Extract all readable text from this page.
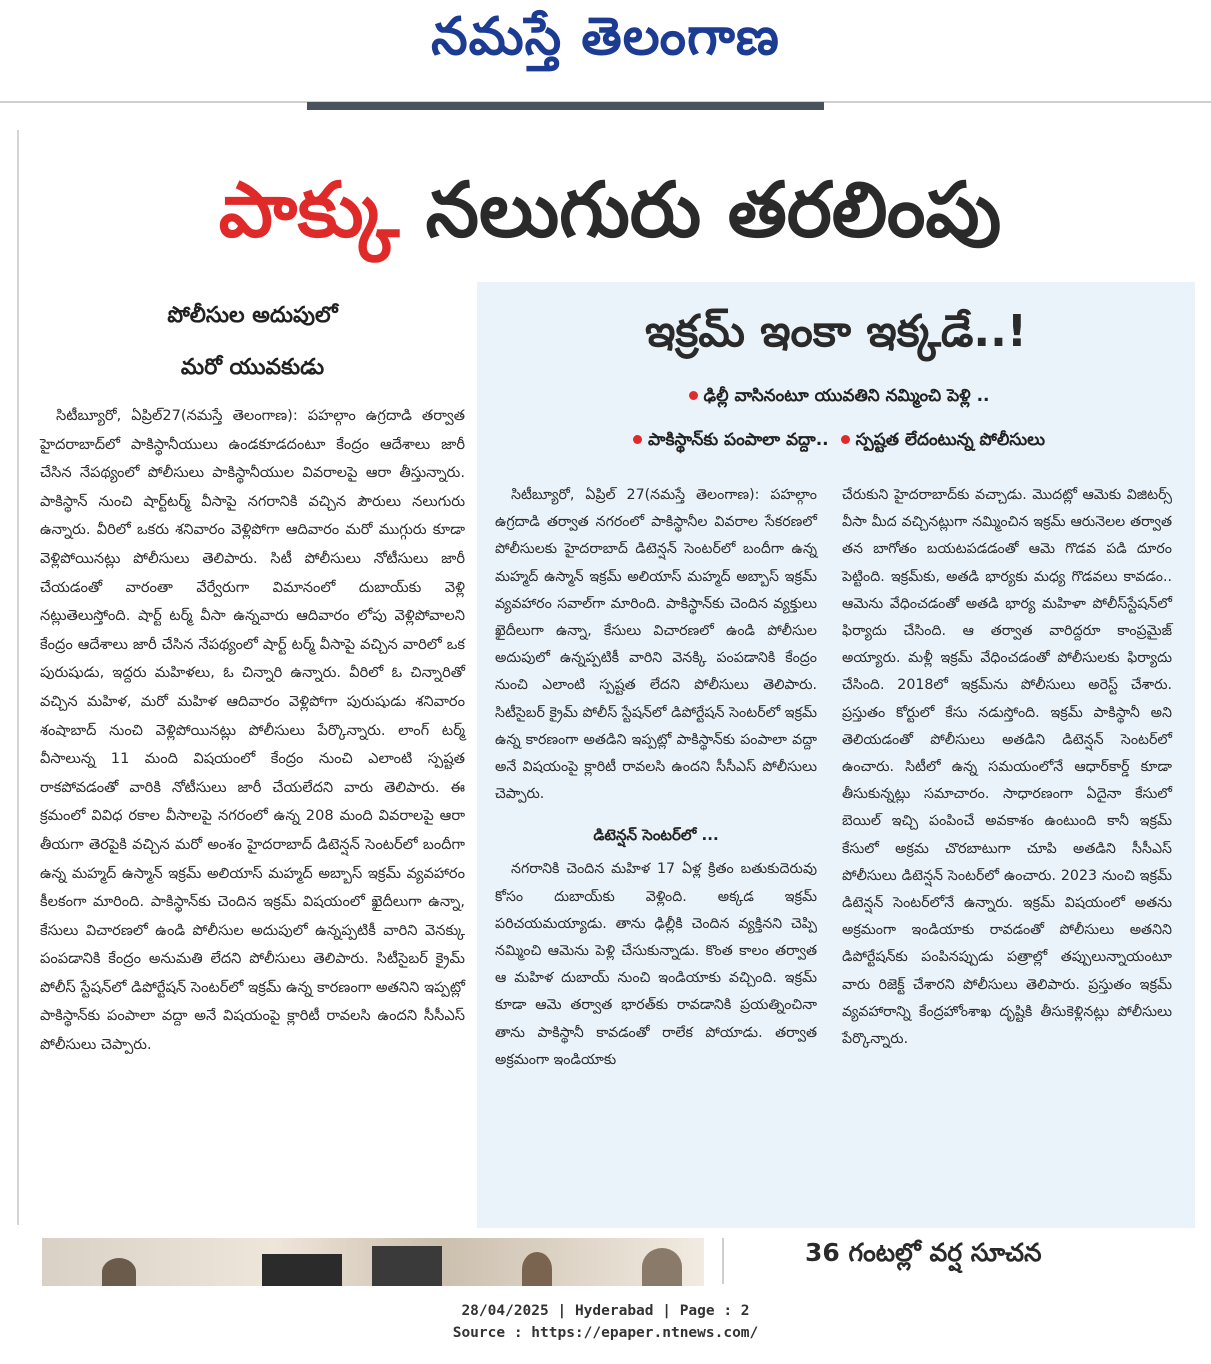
నమస్తే తెలంగాణ
పాక్కు నలుగురు తరలింపు
పోలీసుల అదుపులో
మరో యువకుడు

సిటీబ్యూరో, ఏప్రిల్27(నమస్తే తెలంగాణ): పహల్గాం ఉగ్రదాడి తర్వాత హైదరాబాద్‌లో పాకిస్థానీయులు ఉండకూడదంటూ కేంద్రం ఆదేశాలు జారీ చేసిన నేపథ్యంలో పోలీసులు పాకిస్థానీయుల వివరాలపై ఆరా తీస్తున్నారు. పాకిస్థాన్ నుంచి షార్ట్‌టర్మ్ వీసాపై నగరానికి వచ్చిన పౌరులు నలుగురు ఉన్నారు. వీరిలో ఒకరు శనివారం వెళ్లిపోగా ఆదివారం మరో ముగ్గురు కూడా వెళ్లిపోయినట్లు పోలీసులు తెలిపారు. సిటీ పోలీసులు నోటీసులు జారీ చేయడంతో వారంతా వేర్వేరుగా విమానంలో దుబాయ్‌కు వెళ్లి నట్లుతెలుస్తోంది. షార్ట్ టర్మ్ వీసా ఉన్నవారు ఆదివారం లోపు వెళ్లిపోవాలని కేంద్రం ఆదేశాలు జారీ చేసిన నేపథ్యంలో షార్ట్ టర్మ్ వీసాపై వచ్చిన వారిలో ఒక పురుషుడు, ఇద్దరు మహిళలు, ఓ చిన్నారి ఉన్నారు. వీరిలో ఓ చిన్నారితో వచ్చిన మహిళ, మరో మహిళ ఆదివారం వెళ్లిపోగా పురుషుడు శనివారం శంషాబాద్ నుంచి వెళ్లిపోయినట్లు పోలీసులు పేర్కొన్నారు. లాంగ్ టర్మ్ వీసాలున్న 11 మంది విషయంలో కేంద్రం నుంచి ఎలాంటి స్పష్టత రాకపోవడంతో వారికి నోటీసులు జారీ చేయలేదని వారు తెలిపారు. ఈ క్రమంలో వివిధ రకాల వీసాలపై నగరంలో ఉన్న 208 మంది వివరాలపై ఆరా తీయగా తెరపైకి వచ్చిన మరో అంశం హైదరాబాద్ డిటెన్షన్ సెంటర్‌లో బందీగా ఉన్న మహ్మద్ ఉస్మాన్ ఇక్రమ్ అలియాస్ మహ్మద్ అబ్బాస్ ఇక్రమ్ వ్యవహారం కీలకంగా మారింది. పాకిస్థాన్‌కు చెందిన ఇక్రమ్ విషయంలో ఖైదీలుగా ఉన్నా, కేసులు విచారణలో ఉండి పోలీసుల అదుపులో ఉన్నప్పటికీ వారిని వెనక్కు పంపడానికి కేంద్రం అనుమతి లేదని పోలీసులు తెలిపారు. సిటీసైబర్ క్రైమ్ పోలీస్ స్టేషన్‌లో డిపోర్టేషన్ సెంటర్‌లో ఇక్రమ్ ఉన్న కారణంగా అతనిని ఇప్పట్లో పాకిస్థాన్‌కు పంపాలా వద్దా అనే విషయంపై క్లారిటీ రావలసి ఉందని సీసీఎస్ పోలీసులు చెప్పారు.

ఇక్రమ్ ఇంకా ఇక్కడే..!
ఢిల్లీ వాసినంటూ యువతిని నమ్మించి పెళ్లి ..
పాకిస్థాన్‌కు పంపాలా వద్దా.. స్పష్టత లేదంటున్న పోలీసులు

సిటీబ్యూరో, ఏప్రిల్ 27(నమస్తే తెలంగాణ): పహల్గాం ఉగ్రదాడి తర్వాత నగరంలో పాకిస్థానీల వివరాల సేకరణలో పోలీసులకు హైదరాబాద్ డిటెన్షన్ సెంటర్‌లో బందీగా ఉన్న మహ్మద్ ఉస్మాన్ ఇక్రమ్ అలియాస్ మహ్మద్ అబ్బాస్ ఇక్రమ్ వ్యవహారం సవాల్‌గా మారింది. పాకిస్థాన్‌కు చెందిన వ్యక్తులు ఖైదీలుగా ఉన్నా, కేసులు విచారణలో ఉండి పోలీసుల అదుపులో ఉన్నప్పటికీ వారిని వెనక్కి పంపడానికి కేంద్రం నుంచి ఎలాంటి స్పష్టత లేదని పోలీసులు తెలిపారు. సిటీసైబర్ క్రైమ్ పోలీస్ స్టేషన్‌లో డిపోర్టేషన్ సెంటర్‌లో ఇక్రమ్ ఉన్న కారణంగా అతడిని ఇప్పట్లో పాకిస్థాన్‌కు పంపాలా వద్దా అనే విషయంపై క్లారిటీ రావలసి ఉందని సీసీఎస్ పోలీసులు చెప్పారు.

డిటెన్షన్ సెంటర్‌లో ...

నగరానికి చెందిన మహిళ 17 ఏళ్ల క్రితం బతుకుదెరువు కోసం దుబాయ్‌కు వెళ్లింది. అక్కడ ఇక్రమ్ పరిచయమయ్యాడు. తాను ఢిల్లీకి చెందిన వ్యక్తినని చెప్పి నమ్మించి ఆమెను పెళ్లి చేసుకున్నాడు. కొంత కాలం తర్వాత ఆ మహిళ దుబాయ్ నుంచి ఇండియాకు వచ్చింది. ఇక్రమ్ కూడా ఆమె తర్వాత భారత్‌కు రావడానికి ప్రయత్నించినా తాను పాకిస్థానీ కావడంతో రాలేక పోయాడు. తర్వాత అక్రమంగా ఇండియాకు

చేరుకుని హైదరాబాద్‌కు వచ్చాడు. మొదట్లో ఆమెకు విజిటర్స్ వీసా మీద వచ్చినట్లుగా నమ్మించిన ఇక్రమ్ ఆరునెలల తర్వాత తన బాగోతం బయటపడడంతో ఆమె గొడవ పడి దూరం పెట్టింది. ఇక్రమ్‌కు, అతడి భార్యకు మధ్య గొడవలు కావడం.. ఆమెను వేధించడంతో అతడి భార్య మహిళా పోలీస్‌స్టేషన్‌లో ఫిర్యాదు చేసింది. ఆ తర్వాత వారిద్దరూ కాంప్రమైజ్ అయ్యారు. మళ్లీ ఇక్రమ్ వేధించడంతో పోలీసులకు ఫిర్యాదు చేసింది. 2018లో ఇక్రమ్‌ను పోలీసులు అరెస్ట్ చేశారు. ప్రస్తుతం కోర్టులో కేసు నడుస్తోంది. ఇక్రమ్ పాకిస్థానీ అని తెలియడంతో పోలీసులు అతడిని డిటెన్షన్ సెంటర్‌లో ఉంచారు. సిటీలో ఉన్న సమయంలోనే ఆధార్‌కార్డ్ కూడా తీసుకున్నట్లు సమాచారం. సాధారణంగా ఏదైనా కేసులో బెయిల్ ఇచ్చి పంపించే అవకాశం ఉంటుంది కానీ ఇక్రమ్ కేసులో అక్రమ చొరబాటుగా చూపి అతడిని సీసీఎస్ పోలీసులు డిటెన్షన్ సెంటర్‌లో ఉంచారు. 2023 నుంచి ఇక్రమ్ డిటెన్షన్ సెంటర్‌లోనే ఉన్నారు. ఇక్రమ్ విషయంలో అతను అక్రమంగా ఇండియాకు రావడంతో పోలీసులు అతనిని డిపోర్టేషన్‌కు పంపినప్పుడు పత్రాల్లో తప్పులున్నాయంటూ వారు రిజెక్ట్ చేశారని పోలీసులు తెలిపారు. ప్రస్తుతం ఇక్రమ్ వ్యవహారాన్ని కేంద్రహోంశాఖ దృష్టికి తీసుకెళ్లినట్లు పోలీసులు పేర్కొన్నారు.

36 గంటల్లో వర్ష సూచన
28/04/2025 | Hyderabad | Page : 2
Source : https://epaper.ntnews.com/
